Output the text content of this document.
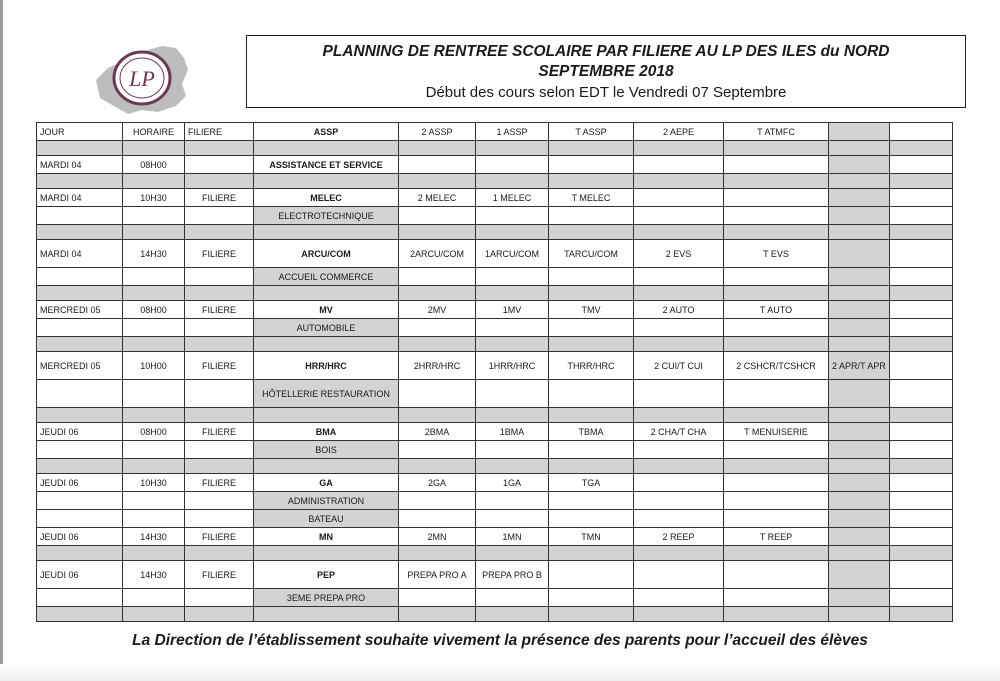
LP
PLANNING DE RENTREE SCOLAIRE PAR FILIERE AU LP DES ILES du NORD
SEPTEMBRE 2018
Début des cours selon EDT le Vendredi 07 Septembre
JOUR	HORAIRE	FILIERE	ASSP	2 ASSP	1 ASSP	T ASSP	2 AEPE	T ATMFC		

MARDI 04	08H00		ASSISTANCE ET SERVICE							

MARDI 04	10H30	FILIERE	MELEC	2 MELEC	1 MELEC	T MELEC				
			ELECTROTECHNIQUE							

MARDI 04	14H30	FILIERE	ARCU/COM	2ARCU/COM	1ARCU/COM	TARCU/COM	2 EVS	T EVS		
			ACCUEIL COMMERCE							

MERCREDI 05	08H00	FILIERE	MV	2MV	1MV	TMV	2 AUTO	T AUTO		
			AUTOMOBILE							

MERCREDI 05	10H00	FILIERE	HRR/HRC	2HRR/HRC	1HRR/HRC	THRR/HRC	2 CUI/T CUI	2 CSHCR/TCSHCR	2 APR/T APR	
			HÔTELLERIE RESTAURATION							

JEUDI 06	08H00	FILIERE	BMA	2BMA	1BMA	TBMA	2 CHA/T CHA	T MENUISERIE		
			BOIS							

JEUDI 06	10H30	FILIERE	GA	2GA	1GA	TGA				
			ADMINISTRATION							
			BATEAU							
JEUDI 06	14H30	FILIERE	MN	2MN	1MN	TMN	2 REEP	T REEP		

JEUDI 06	14H30	FILIERE	PEP	PREPA PRO A	PREPA PRO B					
			3EME PREPA PRO							

La Direction de l’établissement souhaite vivement la présence des parents pour l’accueil des élèves
